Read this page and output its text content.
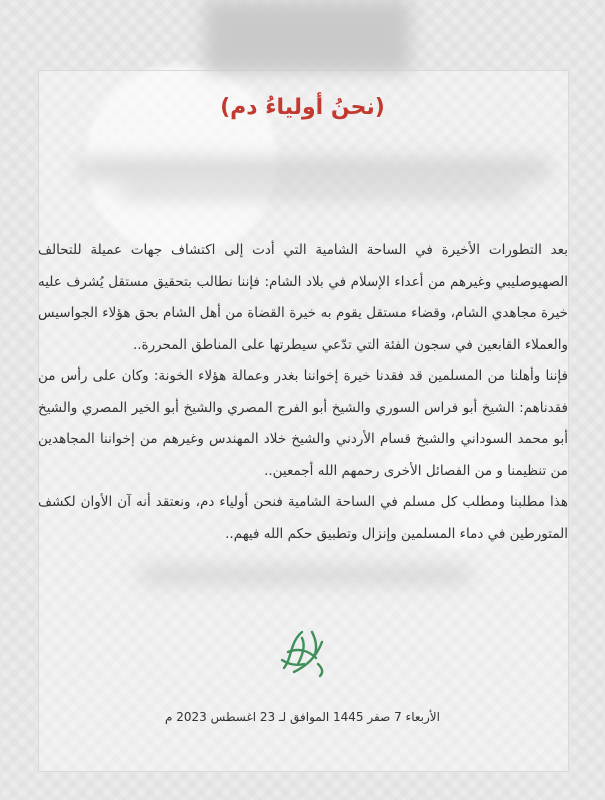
(نحنُ أولياءُ دم)

بعد التطورات الأخيرة في الساحة الشامية التي أدت إلى اكتشاف جهات عميلة للتحالف الصهيوصليبي وغيرهم من أعداء الإسلام في بلاد الشام: فإننا نطالب بتحقيق مستقل يُشرف عليه خيرة مجاهدي الشام، وقضاء مستقل يقوم به خيرة القضاة من أهل الشام بحق هؤلاء الجواسيس والعملاء القابعين في سجون الفئة التي تدّعي سيطرتها على المناطق المحررة..

فإننا وأهلنا من المسلمين قد فقدنا خيرة إخواننا بغدر وعمالة هؤلاء الخونة: وكان على رأس من فقدناهم: الشيخ أبو فراس السوري والشيخ أبو الفرج المصري والشيخ أبو الخير المصري والشيخ أبو محمد السوداني والشيخ قسام الأردني والشيخ خلاد المهندس وغيرهم من إخواننا المجاهدين من تنظيمنا و من الفصائل الأخرى رحمهم الله أجمعين..

هذا مطلبنا ومطلب كل مسلم في الساحة الشامية فنحن أولياء دم، ونعتقد أنه آن الأوان لكشف المتورطين في دماء المسلمين وإنزال وتطبيق حكم الله فيهم..

الأربعاء 7 صفر 1445 الموافق لـ 23 اغسطس 2023 م
